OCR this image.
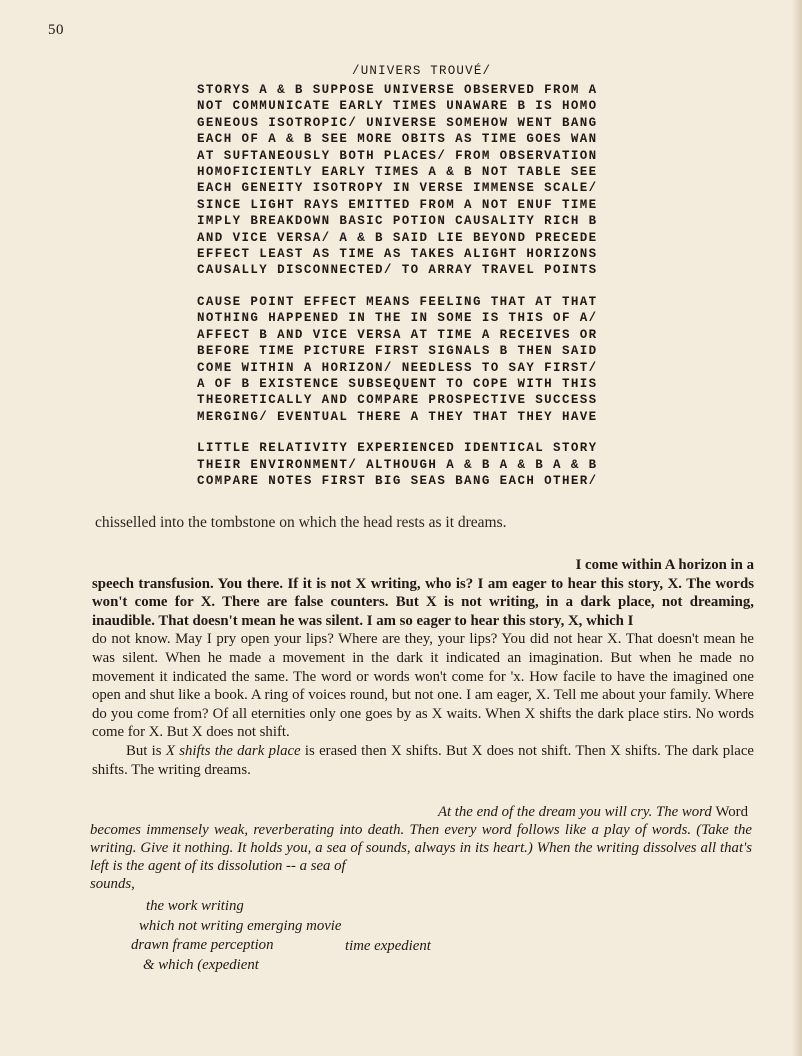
50
/UNIVERS TROUVÉ/
STORYS A & B SUPPOSE UNIVERSE OBSERVED FROM A
NOT COMMUNICATE EARLY TIMES UNAWARE B IS HOMO
GENEOUS ISOTROPIC/ UNIVERSE SOMEHOW WENT BANG
EACH OF A & B SEE MORE OBITS AS TIME GOES WAN
AT SUFTANEOUSLY BOTH PLACES/ FROM OBSERVATION
HOMOFICIENTLY EARLY TIMES A & B NOT TABLE SEE
EACH GENEITY ISOTROPY IN VERSE IMMENSE SCALE/
SINCE LIGHT RAYS EMITTED FROM A NOT ENUF TIME
IMPLY BREAKDOWN BASIC POTION CAUSALITY RICH B
AND VICE VERSA/ A & B SAID LIE BEYOND PRECEDE
EFFECT LEAST AS TIME AS TAKES ALIGHT HORIZONS
CAUSALLY DISCONNECTED/ TO ARRAY TRAVEL POINTS
CAUSE POINT EFFECT MEANS FEELING THAT AT THAT
NOTHING HAPPENED IN THE IN SOME IS THIS OF A/
AFFECT B AND VICE VERSA AT TIME A RECEIVES OR
BEFORE TIME PICTURE FIRST SIGNALS B THEN SAID
COME WITHIN A HORIZON/ NEEDLESS TO SAY FIRST/
A OF B EXISTENCE SUBSEQUENT TO COPE WITH THIS
THEORETICALLY AND COMPARE PROSPECTIVE SUCCESS
MERGING/ EVENTUAL THERE A THEY THAT THEY HAVE
LITTLE RELATIVITY EXPERIENCED IDENTICAL STORY
THEIR ENVIRONMENT/ ALTHOUGH A & B A & B A & B
COMPARE NOTES FIRST BIG SEAS BANG EACH OTHER/
chisselled into the tombstone on which the head rests as it dreams.

I come within A horizon in a
speech transfusion. You there. If it is not X writing, who is? I am eager to hear this story, X. The words won't come for X. There are false counters. But X is not writing, in a dark place, not dreaming, inaudible. That doesn't mean he was silent. I am so eager to hear this story, X, which I

do not know. May I pry open your lips? Where are they, your lips? You did not hear X. That doesn't mean he was silent. When he made a movement in the dark it indicated an imagination. But when he made no movement it indicated the same. The word or words won't come for 'x. How facile to have the imagined one open and shut like a book. A ring of voices round, but not one. I am eager, X. Tell me about your family. Where do you come from? Of all eternities only one goes by as X waits. When X shifts the dark place stirs. No words come for X. But X does not shift.

But is X shifts the dark place is erased then X shifts. But X does not shift. Then X shifts. The dark place shifts. The writing dreams.

At the end of the dream you will cry. The word Word
becomes immensely weak, reverberating into death. Then every word follows like a play of words. (Take the writing. Give it nothing. It holds you, a sea of sounds, always in its heart.) When the writing dissolves all that's left is the agent of its dissolution -- a sea of
sounds,
the work writing
which not writing emerging movie
drawn frame perception	time expedient
& which (expedient
